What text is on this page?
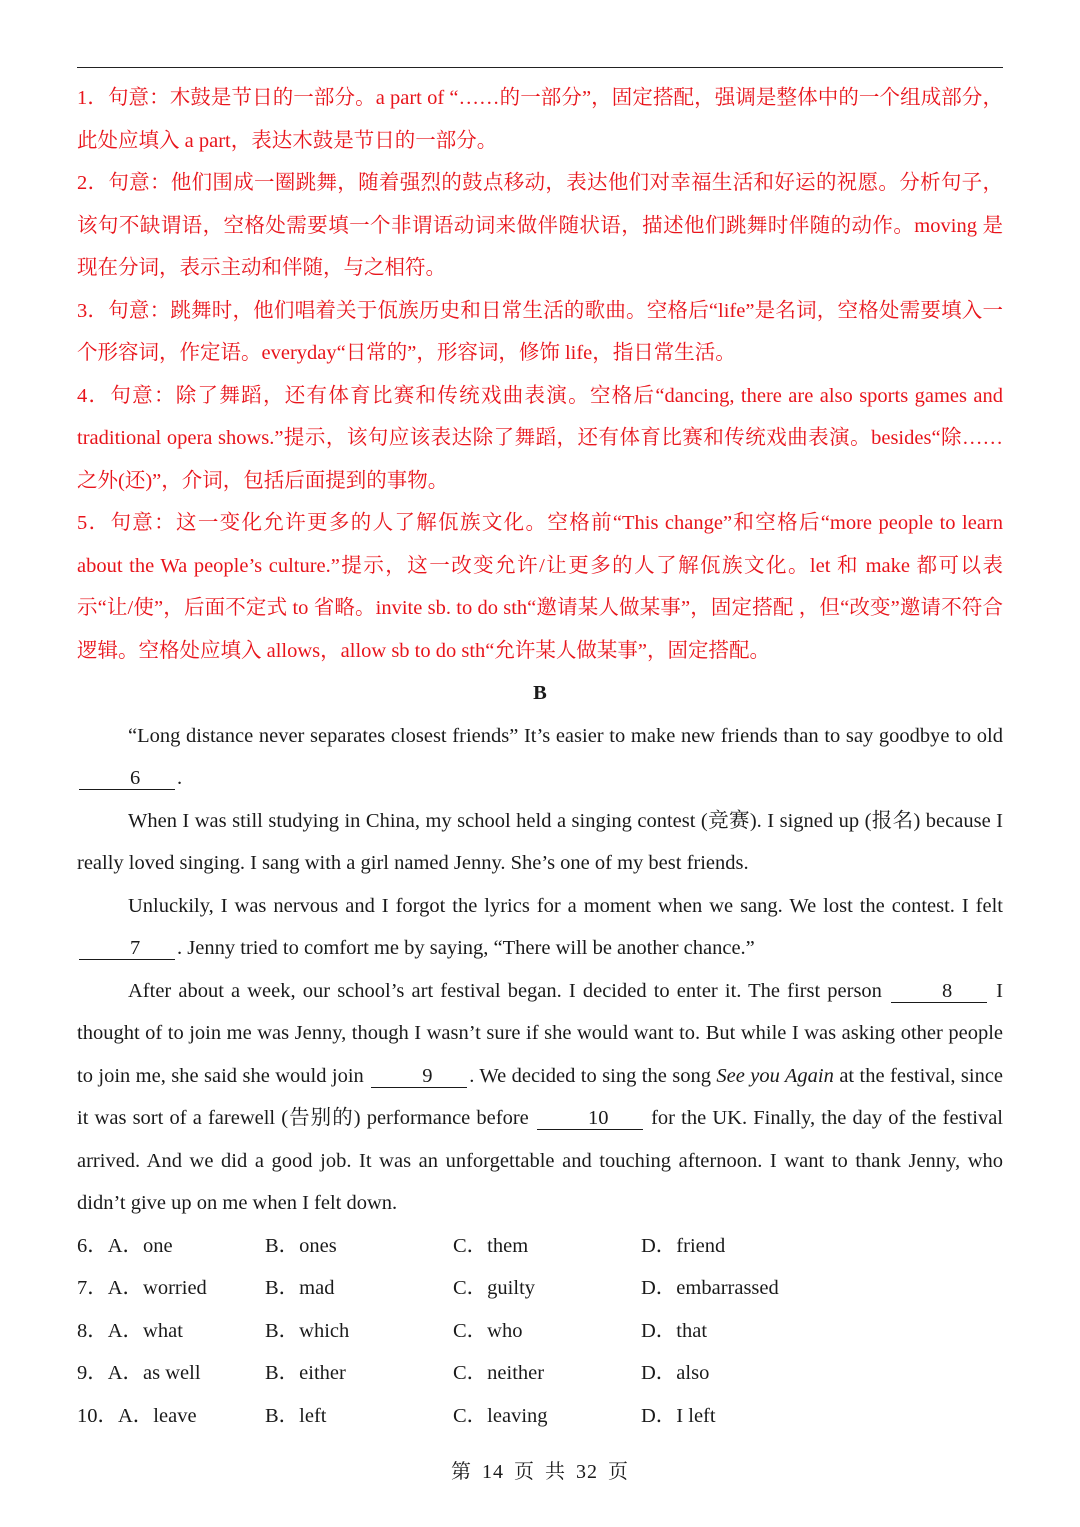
1．句意：木鼓是节日的一部分。a part of “……的一部分”，固定搭配，强调是整体中的一个组成部分，此处应填入 a part，表达木鼓是节日的一部分。

2．句意：他们围成一圈跳舞，随着强烈的鼓点移动，表达他们对幸福生活和好运的祝愿。分析句子，该句不缺谓语，空格处需要填一个非谓语动词来做伴随状语，描述他们跳舞时伴随的动作。moving 是现在分词，表示主动和伴随，与之相符。

3．句意：跳舞时，他们唱着关于佤族历史和日常生活的歌曲。空格后“life”是名词，空格处需要填入一个形容词，作定语。everyday“日常的”，形容词，修饰 life，指日常生活。

4．句意：除了舞蹈，还有体育比赛和传统戏曲表演。空格后“dancing, there are also sports games and traditional opera shows.”提示，该句应该表达除了舞蹈，还有体育比赛和传统戏曲表演。besides“除……之外(还)”，介词，包括后面提到的事物。

5．句意：这一变化允许更多的人了解佤族文化。空格前“This change”和空格后“more people to learn about the Wa people’s culture.”提示，这一改变允许/让更多的人了解佤族文化。let 和 make 都可以表示“让/使”，后面不定式 to 省略。invite sb. to do sth“邀请某人做某事”，固定搭配 ，但“改变”邀请不符合逻辑。空格处应填入 allows，allow sb to do sth“允许某人做某事”，固定搭配。

B

“Long distance never separates closest friends” It’s easier to make new friends than to say goodbye to old 6 .

When I was still studying in China, my school held a singing contest (竞赛). I signed up (报名) because I really loved singing. I sang with a girl named Jenny. She’s one of my best friends.

Unluckily, I was nervous and I forgot the lyrics for a moment when we sang. We lost the contest. I felt 7 . Jenny tried to comfort me by saying, “There will be another chance.”

After about a week, our school’s art festival began. I decided to enter it. The first person	8 I thought of to join me was Jenny, though I wasn’t sure if she would want to. But while I was asking other people to join me, she said she would join	9 . We decided to sing the song See you Again at the festival, since it was sort of a farewell (告别的) performance before	10 for the UK. Finally, the day of the festival arrived. And we did a good job. It was an unforgettable and touching afternoon. I want to thank Jenny, who didn’t give up on me when I felt down.

6．A．one	B．ones	C．them	D．friend
7．A．worried	B．mad	C．guilty	D．embarrassed
8．A．what	B．which	C．who	D．that
9．A．as well	B．either	C．neither	D．also
10．A．leave	B．left	C．leaving	D．I left
第 14 页 共 32 页
